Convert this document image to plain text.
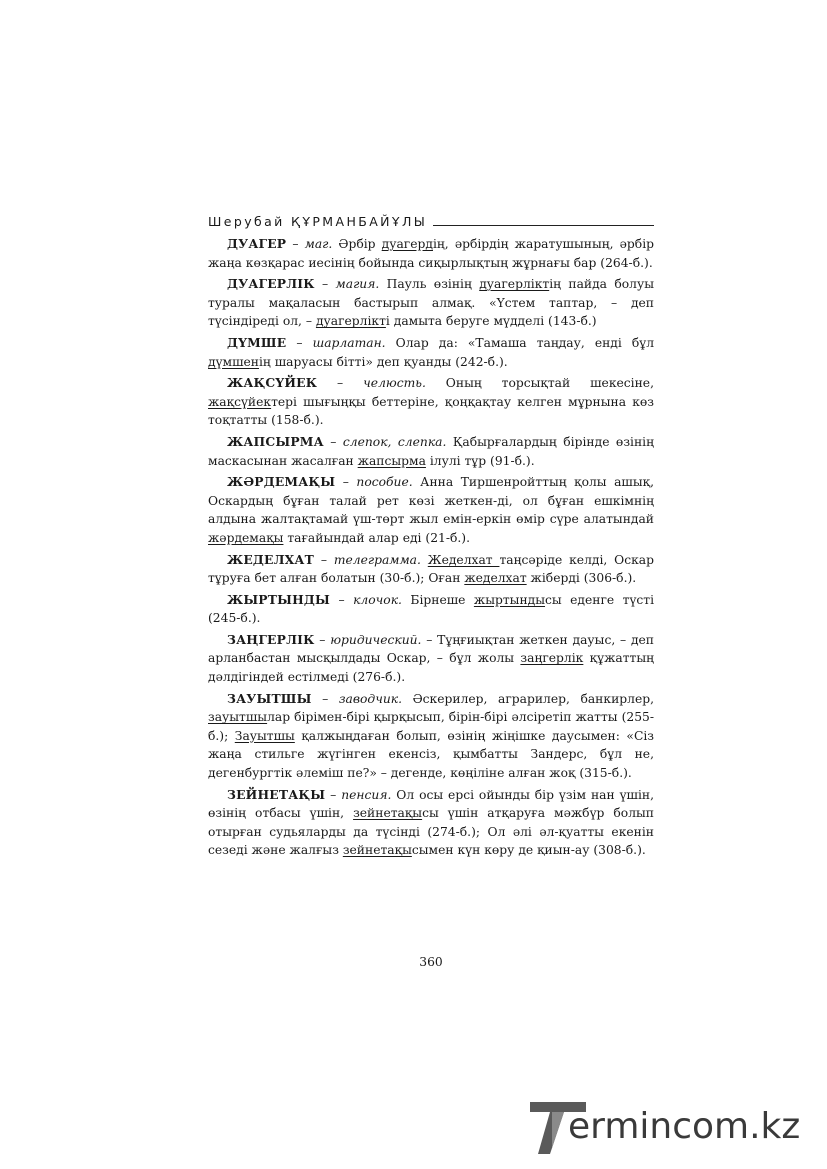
Шерубай ҚҰРМАНБАЙҰЛЫ

ДУАГЕР – маг. Әрбір дуагердің, әрбірдің жаратушының, әрбір жаңа көзқарас иесінің бойында сиқырлықтың жұрнағы бар (264-б.).

ДУАГЕРЛІК – магия. Пауль өзінің дуагерліктің пайда болуы туралы мақаласын бастырып алмақ. «Үстем таптар, – деп түсіндіреді ол, – дуагерлікті дамыта беруге мүдделі (143-б.)

ДҮМШЕ – шарлатан. Олар да: «Тамаша таңдау, енді бұл дүмшенің шаруасы бітті» деп қуанды (242-б.).

ЖАҚСҮЙЕК – челюсть. Оның торсықтай шекесіне, жақсүйектері шығыңқы беттеріне, қоңқақтау келген мұрнына көз тоқтатты (158-б.).

ЖАПСЫРМА – слепок, слепка. Қабырғалардың бірінде өзінің маскасынан жасалған жапсырма ілулі тұр (91-б.).

ЖӘРДЕМАҚЫ – пособие. Анна Тиршенройттың қолы ашық, Оскардың бұған талай рет көзі жеткен-ді, ол бұған ешкімнің алдына жалтақтамай үш-төрт жыл емін-еркін өмір сүре алатындай жәрдемақы тағайындай алар еді (21-б.).

ЖЕДЕЛХАТ – телеграмма. Жеделхат таңсәріде келді, Оскар тұруға бет алған болатын (30-б.); Оған жеделхат жіберді (306-б.).

ЖЫРТЫНДЫ – клочок. Бірнеше жыртындысы еденге түсті (245-б.).

ЗАҢГЕРЛІК – юридический. – Тұңғиықтан жеткен дауыс, – деп арланбастан мысқылдады Оскар, – бұл жолы заңгерлік құжаттың дәлдігіндей естілмеді (276-б.).

ЗАУЫТШЫ – заводчик. Әскерилер, аграрилер, банкирлер, зауытшылар бірімен-бірі қырқысып, бірін-бірі әлсіретіп жатты (255-б.); Зауытшы қалжыңдаған болып, өзінің жіңішке даусымен: «Сіз жаңа стильге жүгінген екенсіз, қымбатты Зандерс, бұл не, дегенбургтік әлеміш пе?» – дегенде, көңіліне алған жоқ (315-б.).

ЗЕЙНЕТАҚЫ – пенсия. Ол осы ерсі ойынды бір үзім нан үшін, өзінің отбасы үшін, зейнетақысы үшін атқаруға мәжбүр болып отырған судьяларды да түсінді (274-б.); Ол әлі әл-қуатты екенін сезеді және жалғыз зейнетақысымен күн көру де қиын-ау (308-б.).

360
ermincom.kz
